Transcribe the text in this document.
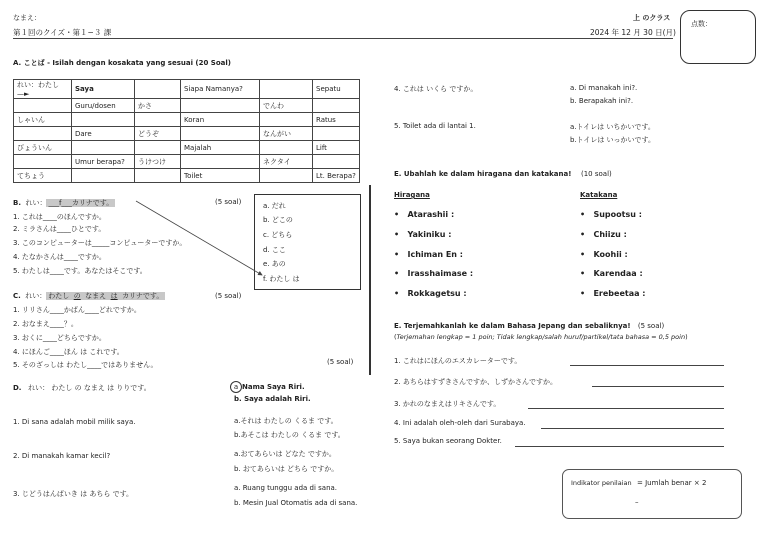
なまえ：	上 のクラス
第１回のクイズ・第１−３ 課	2024 年 12 月 30 日(月)
点数：
A. ことば - Isilah dengan kosakata yang sesuai (20 Soal)
れい：わたし —►	Saya		Siapa Namanya?		Sepatu
	Guru/dosen	かさ		でんわ	
しゃいん			Koran		Ratus
	Dare	どうぞ		なんがい	
びょういん			Majalah		Lift
	Umur berapa?	うけつけ		ネクタイ	
てちょう			Toilet		Lt. Berapa?
4. これは いくら ですか。	a. Di manakah ini?.
b. Berapakah ini?.
5. Toilet ada di lantai 1.	a.トイレは いちかいです。
b.トイレは いっかいです。
E. Ubahlah ke dalam hiragana dan katakana! (10 soal)
Hiragana	Katakana
•   Atarashii :
•   Yakiniku :
•   Ichiman En :
•   Irasshaimase :
•   Rokkagetsu :
•   Supootsu :
•   Chiizu :
•   Koohii :
•   Karendaa :
•   Erebeetaa :
E. Terjemahkanlah ke dalam Bahasa Jepang dan sebaliknya! (5 soal)
(Terjemahan lengkap = 1 poin; Tidak lengkap/salah huruf/partikel/tata bahasa = 0,5 poin)
1. これはにほんのエスカレーターです。
2. あちらはすずきさんですか、しずかさんですか。
3. かれのなまえはリキさんです。
4. Ini adalah oleh-oleh dari Surabaya.
5. Saya bukan seorang Dokter.
Indikator penilaian = Jumlah benar × 2
–
B. れい： ___f___カリナです。	(5 soal)
1. これは____のほんですか。
2. ミラさんは____ひとです。
3. このコンピューターは_____コンピューターですか。
4. たなかさんは____ですか。
5. わたしは____です。あなたはそこです。
a. だれ
b. どこの
c. どちら
d. ここ
e. あの
f. わたし は
C. れい： わたし の なまえ は カリナです。	(5 soal)
1. リリさん____かばん____どれですか。
2. おなまえ____？。
3. おくに____どちらですか。
4. にほんご____ほん は これです。
5. そのざっしは わたし____ではありません。	(5 soal)
D. れい： わたし の なまえ は りりです。	a Nama Saya Riri.
b. Saya adalah Riri.
1. Di sana adalah mobil milik saya.	a.それは わたしの くるま です。
b.あそこは わたしの くるま です。
2. Di manakah kamar kecil?	a.おてあらいは どなた ですか。
b. おてあらいは どちら ですか。
3. じどうはんばいき は あちら です。
a. Ruang tunggu ada di sana.
b. Mesin Jual Otomatis ada di sana.
